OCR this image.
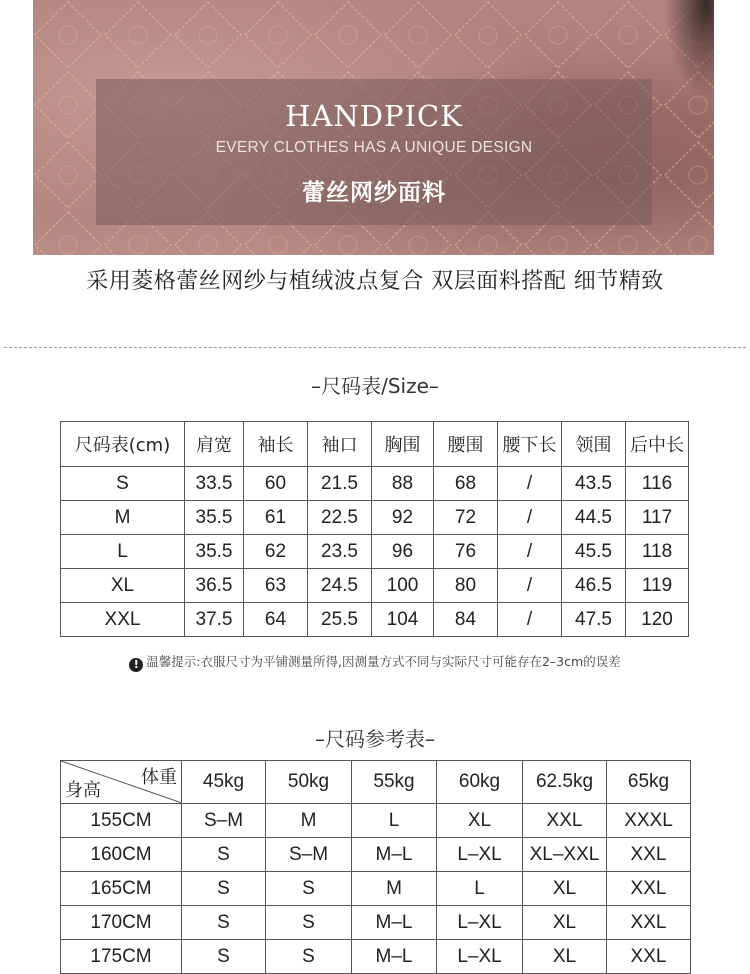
HANDPICK
EVERY CLOTHES HAS A UNIQUE DESIGN
蕾丝网纱面料
采用菱格蕾丝网纱与植绒波点复合 双层面料搭配 细节精致
–尺码表/Size–
尺码表(cm)	肩宽	袖长	袖口	胸围	腰围	腰下长	领围	后中长
S	33.5	60	21.5	88	68	/	43.5	116
M	35.5	61	22.5	92	72	/	44.5	117
L	35.5	62	23.5	96	76	/	45.5	118
XL	36.5	63	24.5	100	80	/	46.5	119
XXL	37.5	64	25.5	104	84	/	47.5	120
! 温馨提示:衣服尺寸为平铺测量所得,因测量方式不同与实际尺寸可能存在2–3cm的误差
–尺码参考表–
体重
身高	45kg	50kg	55kg	60kg	62.5kg	65kg
155CM	S–M	M	L	XL	XXL	XXXL
160CM	S	S–M	M–L	L–XL	XL–XXL	XXL
165CM	S	S	M	L	XL	XXL
170CM	S	S	M–L	L–XL	XL	XXL
175CM	S	S	M–L	L–XL	XL	XXL
